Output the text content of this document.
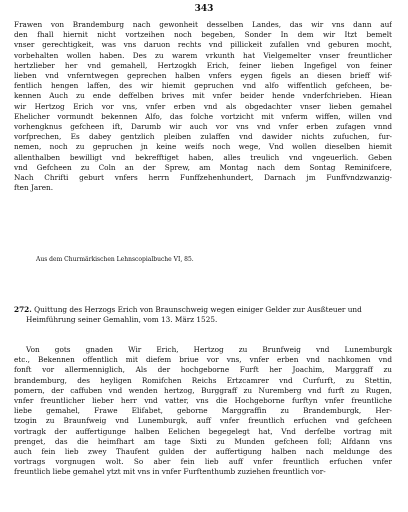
343
Frawen von Brandemburg nach gewonheit desselben Landes, das wir vns dann auf
den fhall hiernit nicht vortzeihen noch begeben, Sonder In dem wir Itzt bemelt
vnser gerechtigkeit, was vns daruon rechts vnd pillickeit zufallen vnd geburen mocht,
vorbehalten wollen haben. Des zu warem vrkunth hat Vielgemelter vnser freuntlicher
hertzlieber her vnd gemahell, Hertzogkh Erich, feiner lieben Ingefigel von feiner
lieben vnd vnferntwegen geprechen halben vnfers eygen figels an diesen brieff wif-
fentlich hengen laffen, des wir hiemit gepruchen vnd alfo wiffentlich gefcheen, be-
kennen Auch zu ende deffelben brives mit vnfer beider hende vnderfchrieben. Hiean
wir Hertzog Erich vor vns, vnfer erben vnd als obgedachter vnser lieben gemahel
Ehelicher vormundt bekennen Alfo, das folche vortzicht mit vnferm wiffen, willen vnd
vorhengknus gefcheen ift, Darumb wir auch vor vns vnd vnfer erben zufagen vnnd
vorfprechen, Es dabey gentzlich pleiben zulaffen vnd dawider nichts zufuchen, fur-
nemen, noch zu gepruchen jn keine weifs noch wege, Vnd wollen dieselben hiemit
allenthalben bewilligt vnd bekrefftiget haben, alles treulich vnd vngeuerlich. Geben
vnd Gefcheen zu Coln an der Sprew, am Montag nach dem Sontag Reminifcere,
Nach Chrifti geburt vnfers herrn Funffzehenhundert, Darnach jm Funffvndzwanzig-
ften Jaren.
Aus dem Churmärkischen Lehnscopialbuche VI, 85.
272. Quittung des Herzogs Erich von Braunschweig wegen einiger Gelder zur Ausßteuer und
Heimführung seiner Gemahlin, vom 13. März 1525.
Von gots gnaden Wir Erich, Hertzog zu Brunfweig vnd Lunemburgk
etc., Bekennen offentlich mit diefem briue vor vns, vnfer erben vnd nachkomen vnd
fonft vor allermenniglich, Als der hochgeborne Furft her Joachim, Marggraff zu
brandemburg, des heyligen Romifchen Reichs Ertzcamrer vnd Curfurft, zu Stettin,
pomern, der caffuben vnd wenden hertzog, Burggraff zu Nuremberg vnd furft zu Rugen,
vnfer freuntlicher lieber herr vnd vatter, vns die Hochgeborne furftyn vnfer freuntliche
liebe gemahel, Frawe Elifabet, geborne Marggraffin zu Brandemburgk, Her-
tzogin zu Braunfweig vnd Lunemburgk, auff vnfer freuntlich erfuchen vnd gefcheen
vortragk der auffertigunge halben Eelichen begegelegt hat, Vnd derfelbe vortrag mit
prenget, das die heimfhart am tage Sixti zu Munden gefcheen foll; Alfdann vns
auch fein lieb zwey Thaufent gulden der auffertigung halben nach meldunge des
vortrags vorgnugen wolt. So aber fein lieb auff vnfer freuntlich erfuchen vnfer
freuntlich liebe gemahel ytzt mit vns in vnfer Furftenthumb zuziehen freuntlich vor-
